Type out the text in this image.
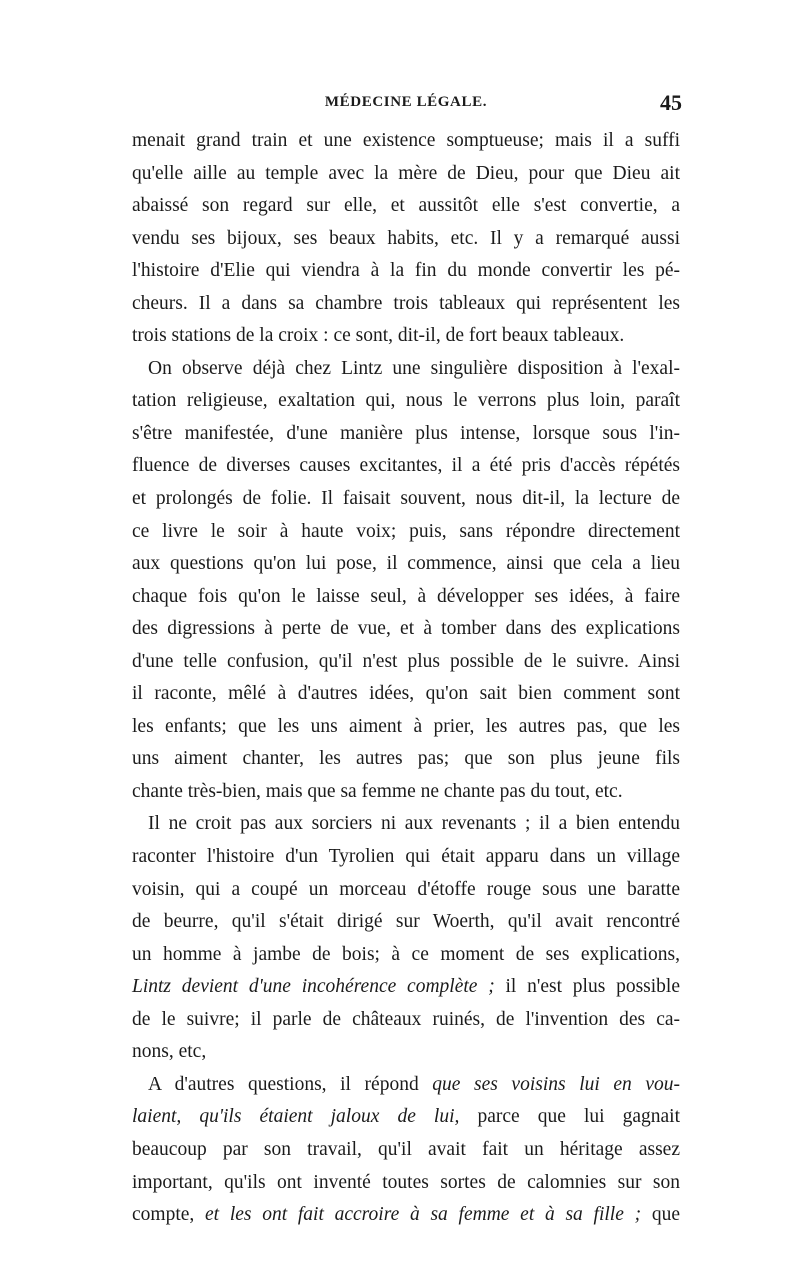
MÉDECINE LÉGALE.	45
menait grand train et une existence somptueuse; mais il a suffi
qu'elle aille au temple avec la mère de Dieu, pour que Dieu ait
abaissé son regard sur elle, et aussitôt elle s'est convertie, a
vendu ses bijoux, ses beaux habits, etc. Il y a remarqué aussi
l'histoire d'Elie qui viendra à la fin du monde convertir les pé-
cheurs. Il a dans sa chambre trois tableaux qui représentent les
trois stations de la croix : ce sont, dit-il, de fort beaux tableaux.
On observe déjà chez Lintz une singulière disposition à l'exal-
tation religieuse, exaltation qui, nous le verrons plus loin, paraît
s'être manifestée, d'une manière plus intense, lorsque sous l'in-
fluence de diverses causes excitantes, il a été pris d'accès répétés
et prolongés de folie. Il faisait souvent, nous dit-il, la lecture de
ce livre le soir à haute voix; puis, sans répondre directement
aux questions qu'on lui pose, il commence, ainsi que cela a lieu
chaque fois qu'on le laisse seul, à développer ses idées, à faire
des digressions à perte de vue, et à tomber dans des explications
d'une telle confusion, qu'il n'est plus possible de le suivre. Ainsi
il raconte, mêlé à d'autres idées, qu'on sait bien comment sont
les enfants; que les uns aiment à prier, les autres pas, que les
uns aiment chanter, les autres pas; que son plus jeune fils
chante très-bien, mais que sa femme ne chante pas du tout, etc.
Il ne croit pas aux sorciers ni aux revenants ; il a bien entendu
raconter l'histoire d'un Tyrolien qui était apparu dans un village
voisin, qui a coupé un morceau d'étoffe rouge sous une baratte
de beurre, qu'il s'était dirigé sur Woerth, qu'il avait rencontré
un homme à jambe de bois; à ce moment de ses explications,
Lintz devient d'une incohérence complète ; il n'est plus possible
de le suivre; il parle de châteaux ruinés, de l'invention des ca-
nons, etc,
A d'autres questions, il répond que ses voisins lui en vou-
laient, qu'ils étaient jaloux de lui, parce que lui gagnait
beaucoup par son travail, qu'il avait fait un héritage assez
important, qu'ils ont inventé toutes sortes de calomnies sur son
compte, et les ont fait accroire à sa femme et à sa fille ; que
